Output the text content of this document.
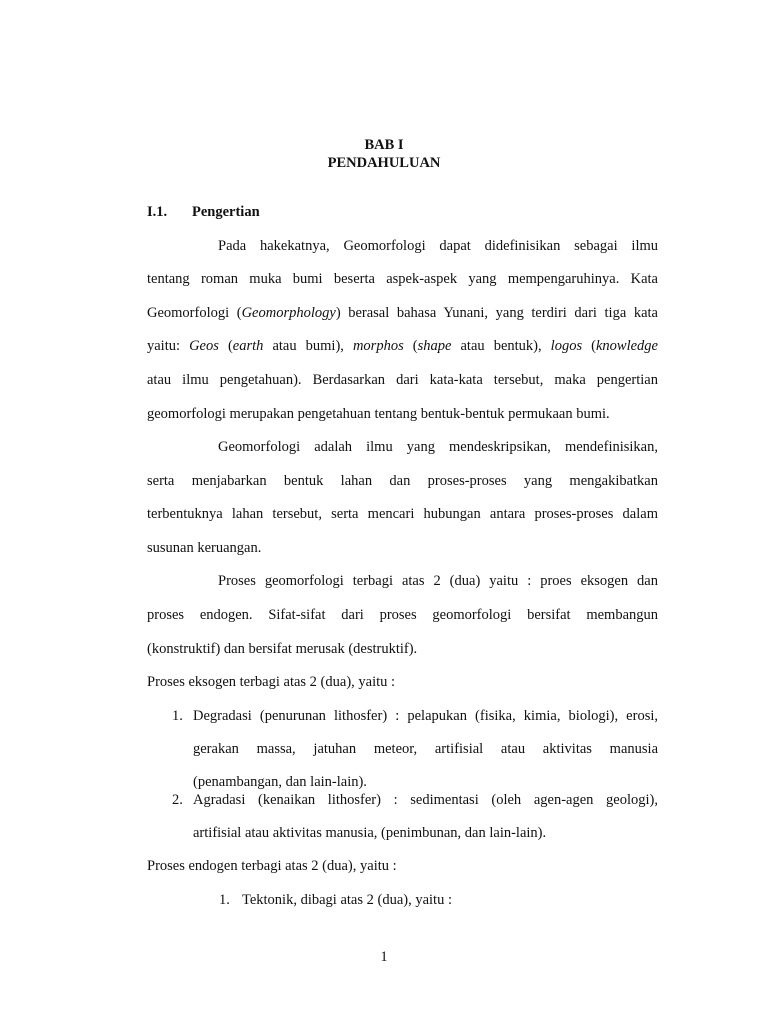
BAB I
PENDAHULUAN
I.1. Pengertian
Pada hakekatnya, Geomorfologi dapat didefinisikan sebagai ilmu
tentang roman muka bumi beserta aspek-aspek yang mempengaruhinya. Kata
Geomorfologi (Geomorphology) berasal bahasa Yunani, yang terdiri dari tiga kata
yaitu: Geos (earth atau bumi), morphos (shape atau bentuk), logos (knowledge
atau ilmu pengetahuan). Berdasarkan dari kata-kata tersebut, maka pengertian
geomorfologi merupakan pengetahuan tentang bentuk-bentuk permukaan bumi.
Geomorfologi adalah ilmu yang mendeskripsikan, mendefinisikan,
serta menjabarkan bentuk lahan dan proses-proses yang mengakibatkan
terbentuknya lahan tersebut, serta mencari hubungan antara proses-proses dalam
susunan keruangan.
Proses geomorfologi terbagi atas 2 (dua) yaitu : proes eksogen dan
proses endogen. Sifat-sifat dari proses geomorfologi bersifat membangun
(konstruktif) dan bersifat merusak (destruktif).
Proses eksogen terbagi atas 2 (dua), yaitu :
1. Degradasi (penurunan lithosfer) : pelapukan (fisika, kimia, biologi), erosi,
gerakan massa, jatuhan meteor, artifisial atau aktivitas manusia
(penambangan, dan lain-lain).
2. Agradasi (kenaikan lithosfer) : sedimentasi (oleh agen-agen geologi),
artifisial atau aktivitas manusia, (penimbunan, dan lain-lain).
Proses endogen terbagi atas 2 (dua), yaitu :
1. Tektonik, dibagi atas 2 (dua), yaitu :
1
